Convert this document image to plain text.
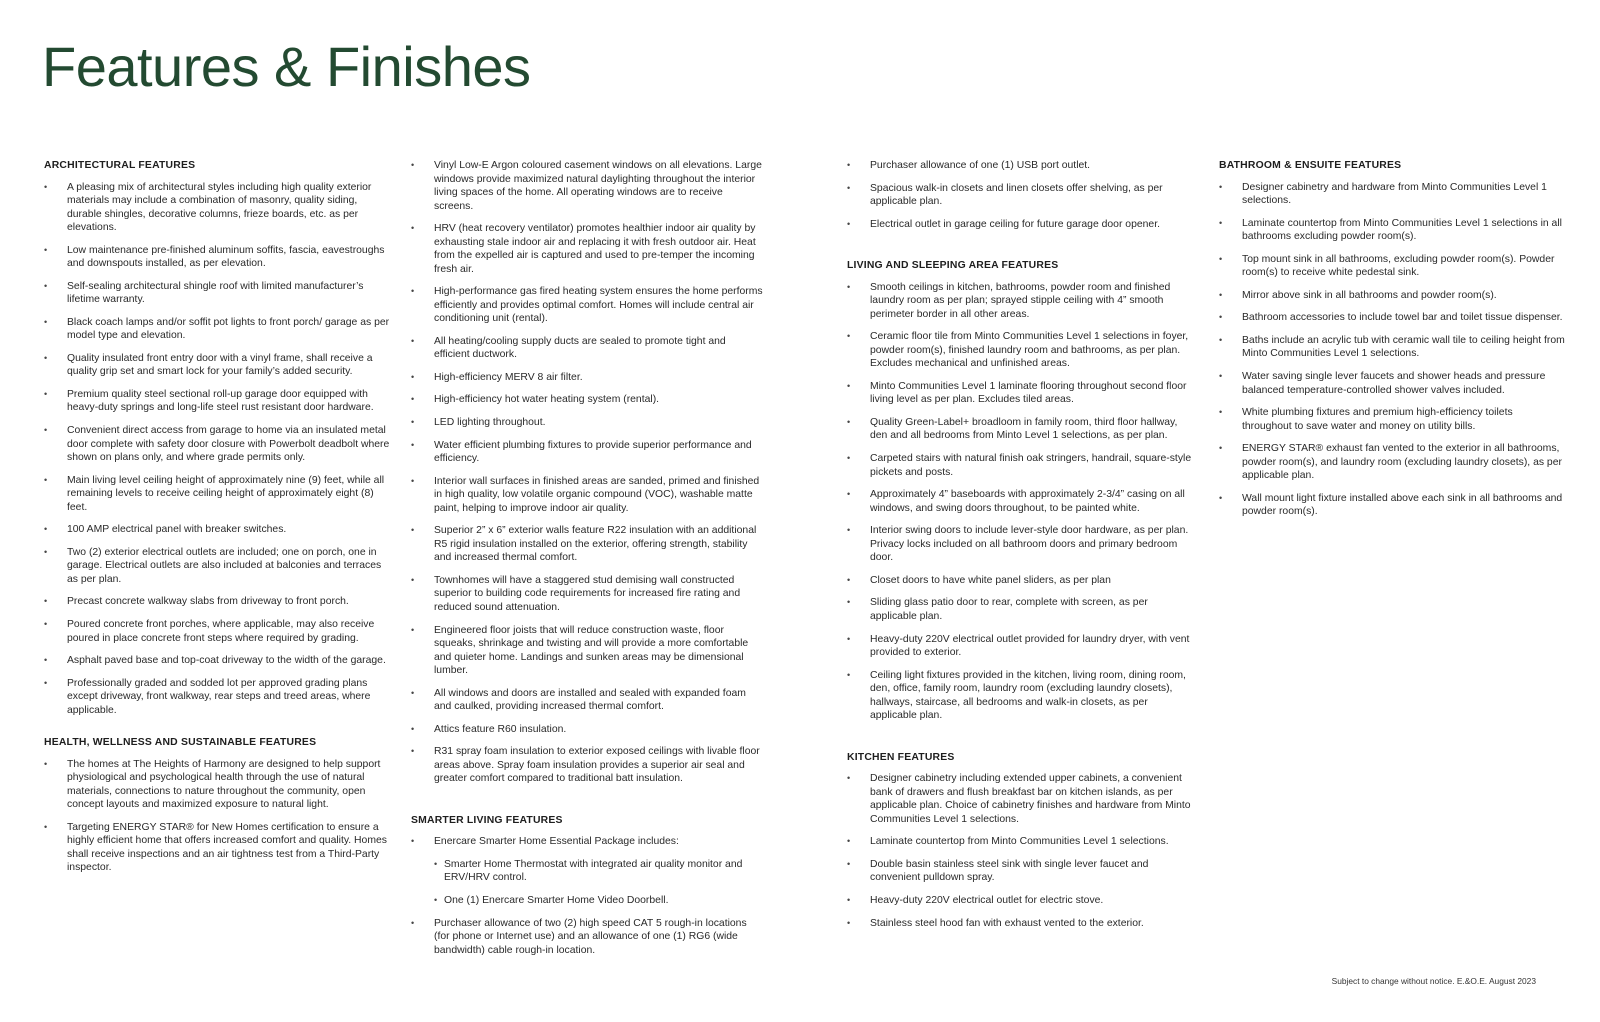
Features & Finishes
ARCHITECTURAL FEATURES
• A pleasing mix of architectural styles including high quality exterior materials may include a combination of masonry, quality siding, durable shingles, decorative columns, frieze boards, etc. as per elevations.
• Low maintenance pre-finished aluminum soffits, fascia, eavestroughs and downspouts installed, as per elevation.
• Self-sealing architectural shingle roof with limited manufacturer’s lifetime warranty.
• Black coach lamps and/or soffit pot lights to front porch/ garage as per model type and elevation.
• Quality insulated front entry door with a vinyl frame, shall receive a quality grip set and smart lock for your family’s added security.
• Premium quality steel sectional roll-up garage door equipped with heavy-duty springs and long-life steel rust resistant door hardware.
• Convenient direct access from garage to home via an insulated metal door complete with safety door closure with Powerbolt deadbolt where shown on plans only, and where grade permits only.
• Main living level ceiling height of approximately nine (9) feet, while all remaining levels to receive ceiling height of approximately eight (8) feet.
• 100 AMP electrical panel with breaker switches.
• Two (2) exterior electrical outlets are included; one on porch, one in garage. Electrical outlets are also included at balconies and terraces as per plan.
• Precast concrete walkway slabs from driveway to front porch.
• Poured concrete front porches, where applicable, may also receive poured in place concrete front steps where required by grading.
• Asphalt paved base and top-coat driveway to the width of the garage.
• Professionally graded and sodded lot per approved grading plans except driveway, front walkway, rear steps and treed areas, where applicable.
HEALTH, WELLNESS AND SUSTAINABLE FEATURES
• The homes at The Heights of Harmony are designed to help support physiological and psychological health through the use of natural materials, connections to nature throughout the community, open concept layouts and maximized exposure to natural light.
• Targeting ENERGY STAR® for New Homes certification to ensure a highly efficient home that offers increased comfort and quality. Homes shall receive inspections and an air tightness test from a Third-Party inspector.
• Vinyl Low-E Argon coloured casement windows on all elevations. Large windows provide maximized natural daylighting throughout the interior living spaces of the home. All operating windows are to receive screens.
• HRV (heat recovery ventilator) promotes healthier indoor air quality by exhausting stale indoor air and replacing it with fresh outdoor air. Heat from the expelled air is captured and used to pre-temper the incoming fresh air.
• High-performance gas fired heating system ensures the home performs efficiently and provides optimal comfort. Homes will include central air conditioning unit (rental).
• All heating/cooling supply ducts are sealed to promote tight and efficient ductwork.
• High-efficiency MERV 8 air filter.
• High-efficiency hot water heating system (rental).
• LED lighting throughout.
• Water efficient plumbing fixtures to provide superior performance and efficiency.
• Interior wall surfaces in finished areas are sanded, primed and finished in high quality, low volatile organic compound (VOC), washable matte paint, helping to improve indoor air quality.
• Superior 2” x 6” exterior walls feature R22 insulation with an additional R5 rigid insulation installed on the exterior, offering strength, stability and increased thermal comfort.
• Townhomes will have a staggered stud demising wall constructed superior to building code requirements for increased fire rating and reduced sound attenuation.
• Engineered floor joists that will reduce construction waste, floor squeaks, shrinkage and twisting and will provide a more comfortable and quieter home. Landings and sunken areas may be dimensional lumber.
• All windows and doors are installed and sealed with expanded foam and caulked, providing increased thermal comfort.
• Attics feature R60 insulation.
• R31 spray foam insulation to exterior exposed ceilings with livable floor areas above. Spray foam insulation provides a superior air seal and greater comfort compared to traditional batt insulation.
SMARTER LIVING FEATURES
• Enercare Smarter Home Essential Package includes:
• Smarter Home Thermostat with integrated air quality monitor and ERV/HRV control.
• One (1) Enercare Smarter Home Video Doorbell.
• Purchaser allowance of two (2) high speed CAT 5 rough-in locations (for phone or Internet use) and an allowance of one (1) RG6 (wide bandwidth) cable rough-in location.
• Purchaser allowance of one (1) USB port outlet.
• Spacious walk-in closets and linen closets offer shelving, as per applicable plan.
• Electrical outlet in garage ceiling for future garage door opener.
LIVING AND SLEEPING AREA FEATURES
• Smooth ceilings in kitchen, bathrooms, powder room and finished laundry room as per plan; sprayed stipple ceiling with 4” smooth perimeter border in all other areas.
• Ceramic floor tile from Minto Communities Level 1 selections in foyer, powder room(s), finished laundry room and bathrooms, as per plan. Excludes mechanical and unfinished areas.
• Minto Communities Level 1 laminate flooring throughout second floor living level as per plan. Excludes tiled areas.
• Quality Green-Label+ broadloom in family room, third floor hallway, den and all bedrooms from Minto Level 1 selections, as per plan.
• Carpeted stairs with natural finish oak stringers, handrail, square-style pickets and posts.
• Approximately 4” baseboards with approximately 2-3/4” casing on all windows, and swing doors throughout, to be painted white.
• Interior swing doors to include lever-style door hardware, as per plan. Privacy locks included on all bathroom doors and primary bedroom door.
• Closet doors to have white panel sliders, as per plan
• Sliding glass patio door to rear, complete with screen, as per applicable plan.
• Heavy-duty 220V electrical outlet provided for laundry dryer, with vent provided to exterior.
• Ceiling light fixtures provided in the kitchen, living room, dining room, den, office, family room, laundry room (excluding laundry closets), hallways, staircase, all bedrooms and walk-in closets, as per applicable plan.
KITCHEN FEATURES
• Designer cabinetry including extended upper cabinets, a convenient bank of drawers and flush breakfast bar on kitchen islands, as per applicable plan. Choice of cabinetry finishes and hardware from Minto Communities Level 1 selections.
• Laminate countertop from Minto Communities Level 1 selections.
• Double basin stainless steel sink with single lever faucet and convenient pulldown spray.
• Heavy-duty 220V electrical outlet for electric stove.
• Stainless steel hood fan with exhaust vented to the exterior.
BATHROOM & ENSUITE FEATURES
• Designer cabinetry and hardware from Minto Communities Level 1 selections.
• Laminate countertop from Minto Communities Level 1 selections in all bathrooms excluding powder room(s).
• Top mount sink in all bathrooms, excluding powder room(s). Powder room(s) to receive white pedestal sink.
• Mirror above sink in all bathrooms and powder room(s).
• Bathroom accessories to include towel bar and toilet tissue dispenser.
• Baths include an acrylic tub with ceramic wall tile to ceiling height from Minto Communities Level 1 selections.
• Water saving single lever faucets and shower heads and pressure balanced temperature-controlled shower valves included.
• White plumbing fixtures and premium high-efficiency toilets throughout to save water and money on utility bills.
• ENERGY STAR® exhaust fan vented to the exterior in all bathrooms, powder room(s), and laundry room (excluding laundry closets), as per applicable plan.
• Wall mount light fixture installed above each sink in all bathrooms and powder room(s).
Subject to change without notice. E.&O.E. August 2023
